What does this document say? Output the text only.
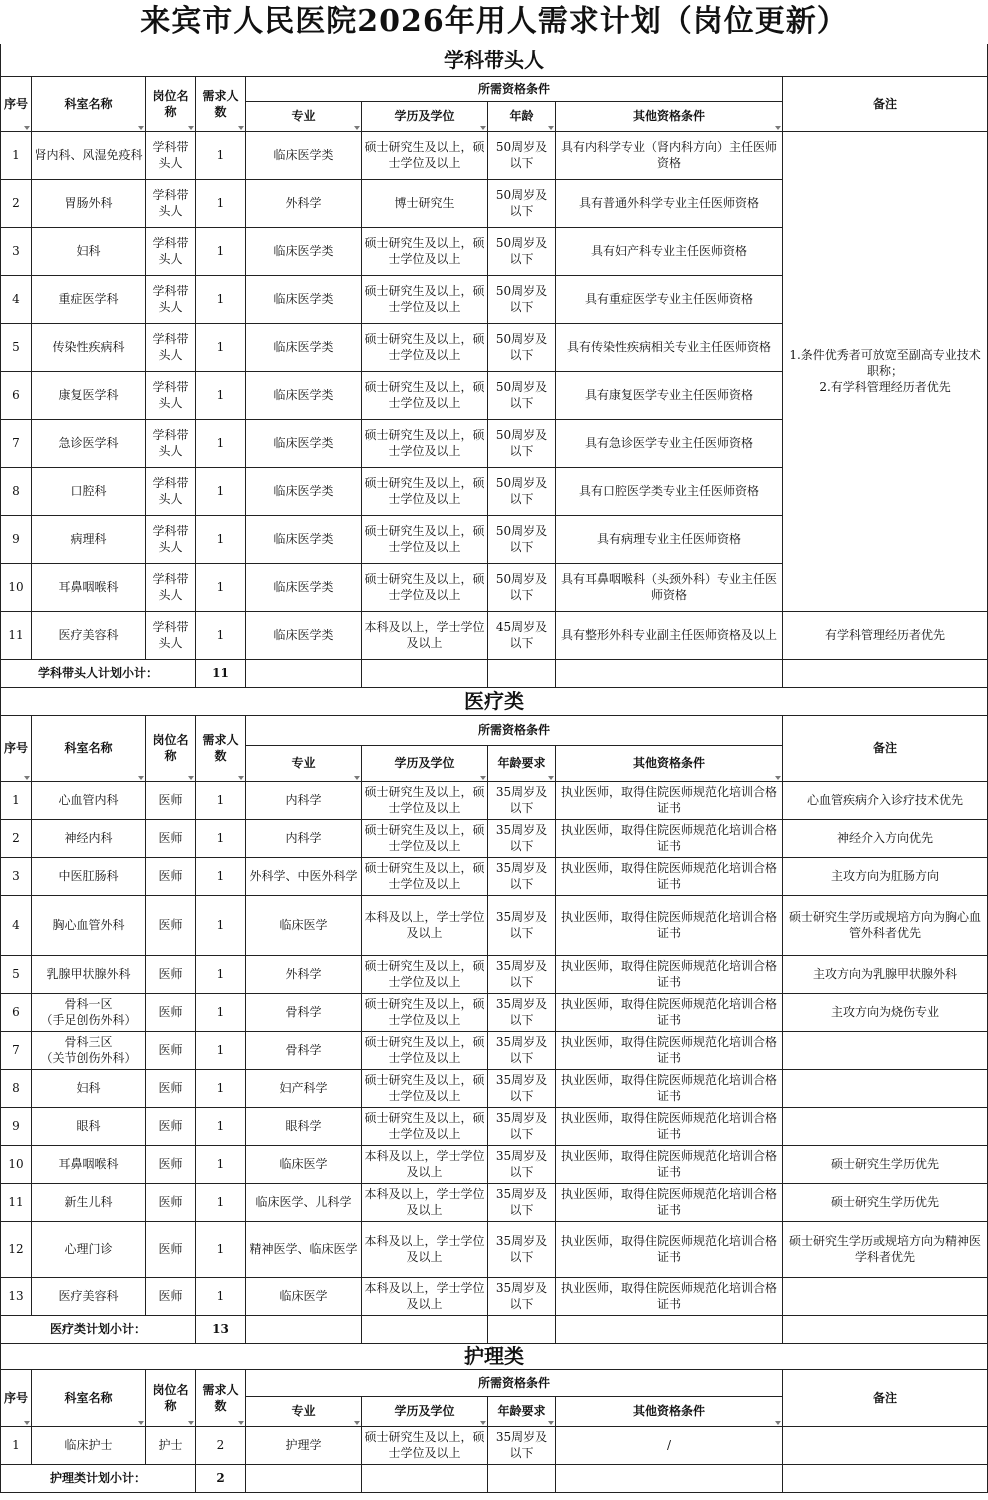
来宾市人民医院2026年用人需求计划（岗位更新）
学科带头人								
序号	科室名称	岗位名称	需求人数	所需资格条件				备注
				专业	学历及学位	年龄	其他资格条件	
1	肾内科、风湿免疫科	学科带头人	1	临床医学类	硕士研究生及以上，硕士学位及以上	50周岁及以下	具有内科学专业（肾内科方向）主任医师资格	1.条件优秀者可放宽至副高专业技术职称；
2.有学科管理经历者优先
2	胃肠外科	学科带头人	1	外科学	博士研究生	50周岁及以下	具有普通外科学专业主任医师资格	
3	妇科	学科带头人	1	临床医学类	硕士研究生及以上，硕士学位及以上	50周岁及以下	具有妇产科专业主任医师资格	
4	重症医学科	学科带头人	1	临床医学类	硕士研究生及以上，硕士学位及以上	50周岁及以下	具有重症医学专业主任医师资格	
5	传染性疾病科	学科带头人	1	临床医学类	硕士研究生及以上，硕士学位及以上	50周岁及以下	具有传染性疾病相关专业主任医师资格	
6	康复医学科	学科带头人	1	临床医学类	硕士研究生及以上，硕士学位及以上	50周岁及以下	具有康复医学专业主任医师资格	
7	急诊医学科	学科带头人	1	临床医学类	硕士研究生及以上，硕士学位及以上	50周岁及以下	具有急诊医学专业主任医师资格	
8	口腔科	学科带头人	1	临床医学类	硕士研究生及以上，硕士学位及以上	50周岁及以下	具有口腔医学类专业主任医师资格	
9	病理科	学科带头人	1	临床医学类	硕士研究生及以上，硕士学位及以上	50周岁及以下	具有病理专业主任医师资格	
10	耳鼻咽喉科	学科带头人	1	临床医学类	硕士研究生及以上，硕士学位及以上	50周岁及以下	具有耳鼻咽喉科（头颈外科）专业主任医师资格	
11	医疗美容科	学科带头人	1	临床医学类	本科及以上，学士学位及以上	45周岁及以下	具有整形外科专业副主任医师资格及以上	有学科管理经历者优先
学科带头人计划小计：			11					
医疗类								
序号	科室名称	岗位名称	需求人数	所需资格条件				备注
				专业	学历及学位	年龄要求	其他资格条件	
1	心血管内科	医师	1	内科学	硕士研究生及以上，硕士学位及以上	35周岁及以下	执业医师，取得住院医师规范化培训合格证书	心血管疾病介入诊疗技术优先
2	神经内科	医师	1	内科学	硕士研究生及以上，硕士学位及以上	35周岁及以下	执业医师，取得住院医师规范化培训合格证书	神经介入方向优先
3	中医肛肠科	医师	1	外科学、中医外科学	硕士研究生及以上，硕士学位及以上	35周岁及以下	执业医师，取得住院医师规范化培训合格证书	主攻方向为肛肠方向
4	胸心血管外科	医师	1	临床医学	本科及以上，学士学位及以上	35周岁及以下	执业医师，取得住院医师规范化培训合格证书	硕士研究生学历或规培方向为胸心血管外科者优先
5	乳腺甲状腺外科	医师	1	外科学	硕士研究生及以上，硕士学位及以上	35周岁及以下	执业医师，取得住院医师规范化培训合格证书	主攻方向为乳腺甲状腺外科
6	骨科一区
（手足创伤外科）	医师	1	骨科学	硕士研究生及以上，硕士学位及以上	35周岁及以下	执业医师，取得住院医师规范化培训合格证书	主攻方向为烧伤专业
7	骨科三区
（关节创伤外科）	医师	1	骨科学	硕士研究生及以上，硕士学位及以上	35周岁及以下	执业医师，取得住院医师规范化培训合格证书	
8	妇科	医师	1	妇产科学	硕士研究生及以上，硕士学位及以上	35周岁及以下	执业医师，取得住院医师规范化培训合格证书	
9	眼科	医师	1	眼科学	硕士研究生及以上，硕士学位及以上	35周岁及以下	执业医师，取得住院医师规范化培训合格证书	
10	耳鼻咽喉科	医师	1	临床医学	本科及以上，学士学位及以上	35周岁及以下	执业医师，取得住院医师规范化培训合格证书	硕士研究生学历优先
11	新生儿科	医师	1	临床医学、儿科学	本科及以上，学士学位及以上	35周岁及以下	执业医师，取得住院医师规范化培训合格证书	硕士研究生学历优先
12	心理门诊	医师	1	精神医学、临床医学	本科及以上，学士学位及以上	35周岁及以下	执业医师，取得住院医师规范化培训合格证书	硕士研究生学历或规培方向为精神医学科者优先
13	医疗美容科	医师	1	临床医学	本科及以上，学士学位及以上	35周岁及以下	执业医师，取得住院医师规范化培训合格证书	
医疗类计划小计：			13					
护理类								
序号	科室名称	岗位名称	需求人数	所需资格条件				备注
				专业	学历及学位	年龄要求	其他资格条件	
1	临床护士	护士	2	护理学	硕士研究生及以上，硕士学位及以上	35周岁及以下	/	
护理类计划小计：			2					
